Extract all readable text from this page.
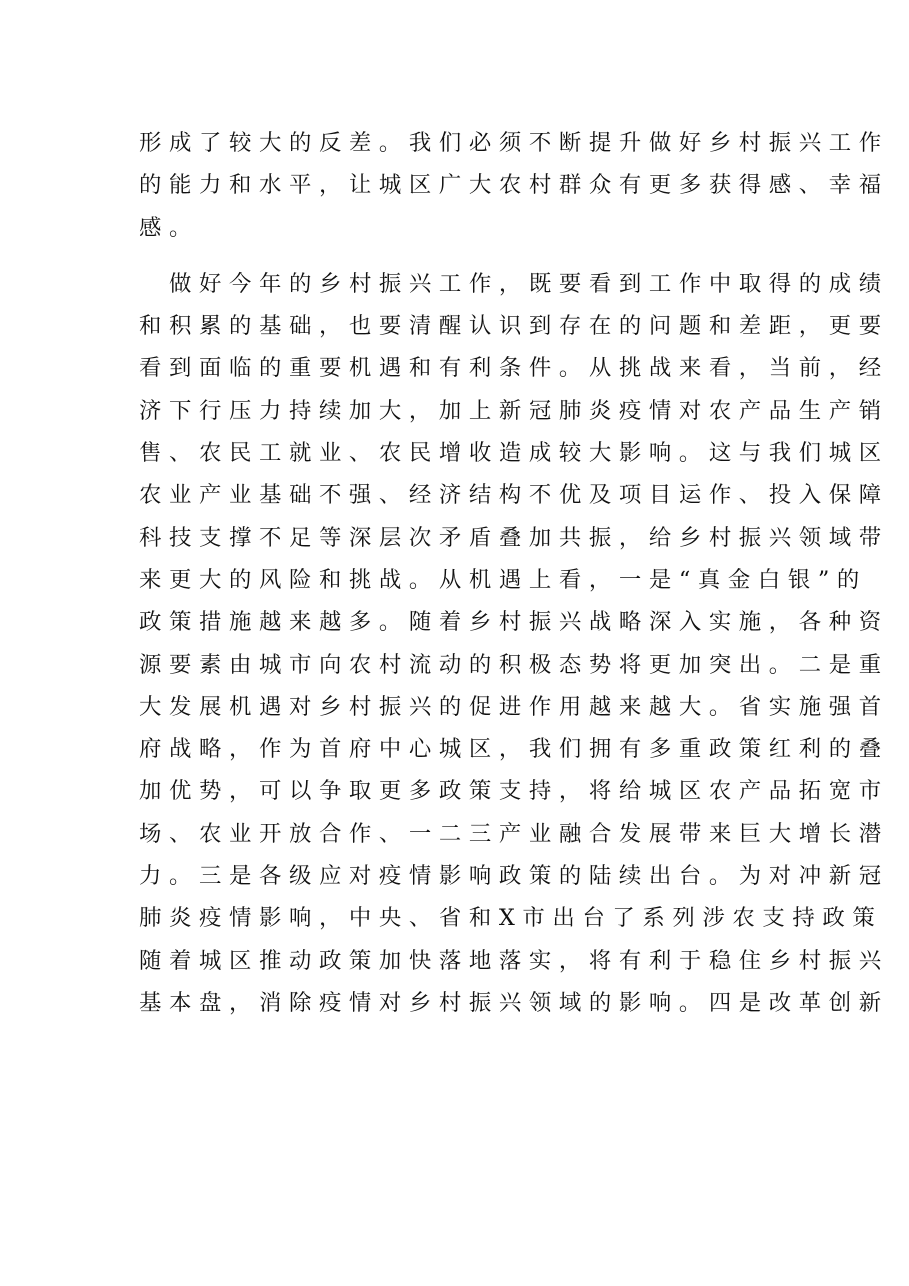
形成了较大的反差。我们必须不断提升做好乡村振兴工作
的能力和水平，让城区广大农村群众有更多获得感、幸福
感。
做好今年的乡村振兴工作，既要看到工作中取得的成绩
和积累的基础，也要清醒认识到存在的问题和差距，更要
看到面临的重要机遇和有利条件。从挑战来看，当前，经
济下行压力持续加大，加上新冠肺炎疫情对农产品生产销
售、农民工就业、农民增收造成较大影响。这与我们城区
农业产业基础不强、经济结构不优及项目运作、投入保障
科技支撑不足等深层次矛盾叠加共振，给乡村振兴领域带
来更大的风险和挑战。从机遇上看，一是“真金白银”的
政策措施越来越多。随着乡村振兴战略深入实施，各种资
源要素由城市向农村流动的积极态势将更加突出。二是重
大发展机遇对乡村振兴的促进作用越来越大。省实施强首
府战略，作为首府中心城区，我们拥有多重政策红利的叠
加优势，可以争取更多政策支持，将给城区农产品拓宽市
场、农业开放合作、一二三产业融合发展带来巨大增长潜
力。三是各级应对疫情影响政策的陆续出台。为对冲新冠
肺炎疫情影响，中央、省和X市出台了系列涉农支持政策
随着城区推动政策加快落地落实，将有利于稳住乡村振兴
基本盘，消除疫情对乡村振兴领域的影响。四是改革创新
